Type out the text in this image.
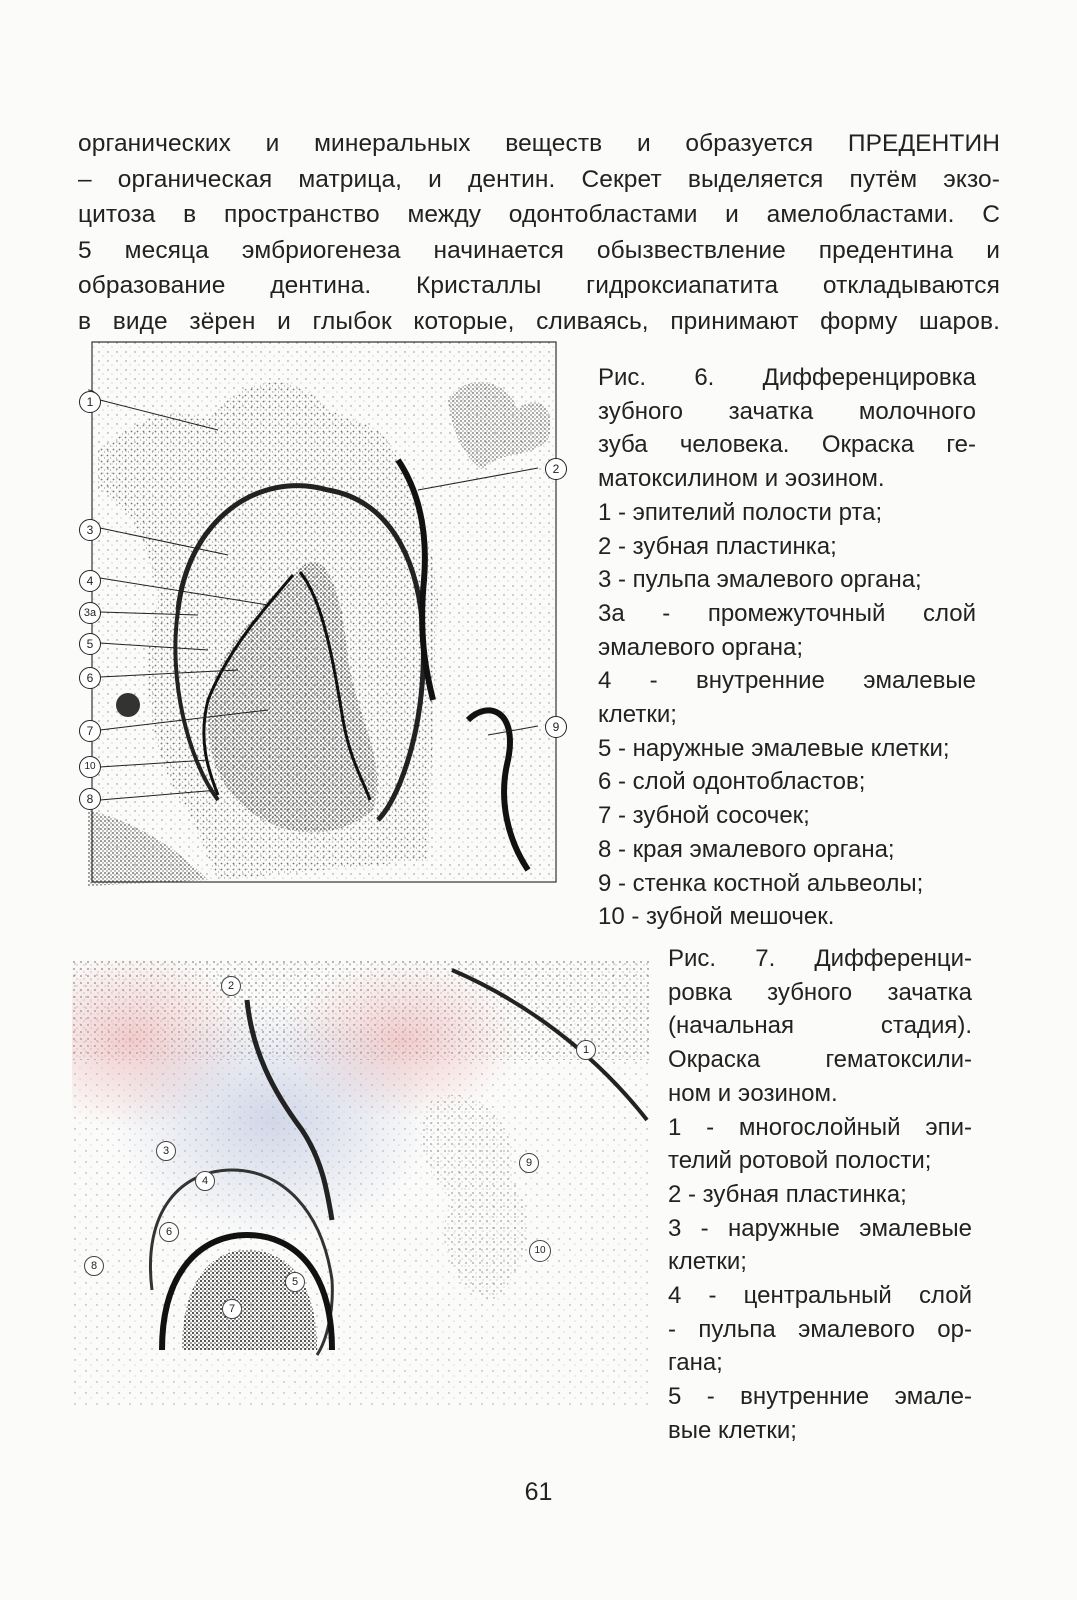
органических и минеральных веществ и образуется ПРЕДЕНТИН
– органическая матрица, и дентин. Секрет выделяется путём экзо-
цитоза в пространство между одонтобластами и амелобластами. С
5 месяца эмбриогенеза начинается обызвествление предентина и
образование дентина. Кристаллы гидроксиапатита откладываются
в виде зёрен и глыбок которые, сливаясь, принимают форму шаров.

1
2
3
4
3а
5
6
7
10
8
9
Рис. 6. Дифференцировка
зубного зачатка молочного
зуба человека. Окраска ге-
матоксилином и эозином.
1 - эпителий полости рта;
2 - зубная пластинка;
3 - пульпа эмалевого органа;
3а - промежуточный слой
эмалевого органа;
4 - внутренние эмалевые
клетки;
5 - наружные эмалевые клетки;
6 - слой одонтобластов;
7 - зубной сосочек;
8 - края эмалевого органа;
9 - стенка костной альвеолы;
10 - зубной мешочек.
2
1
9
3
4
6
8
5
10
7
Рис. 7. Дифференци-
ровка зубного зачатка
(начальная стадия).
Окраска гематоксили-
ном и эозином.
1 - многослойный эпи-
телий ротовой полости;
2 - зубная пластинка;
3 - наружные эмалевые
клетки;
4 - центральный слой
- пульпа эмалевого ор-
гана;
5 - внутренние эмале-
вые клетки;
61
